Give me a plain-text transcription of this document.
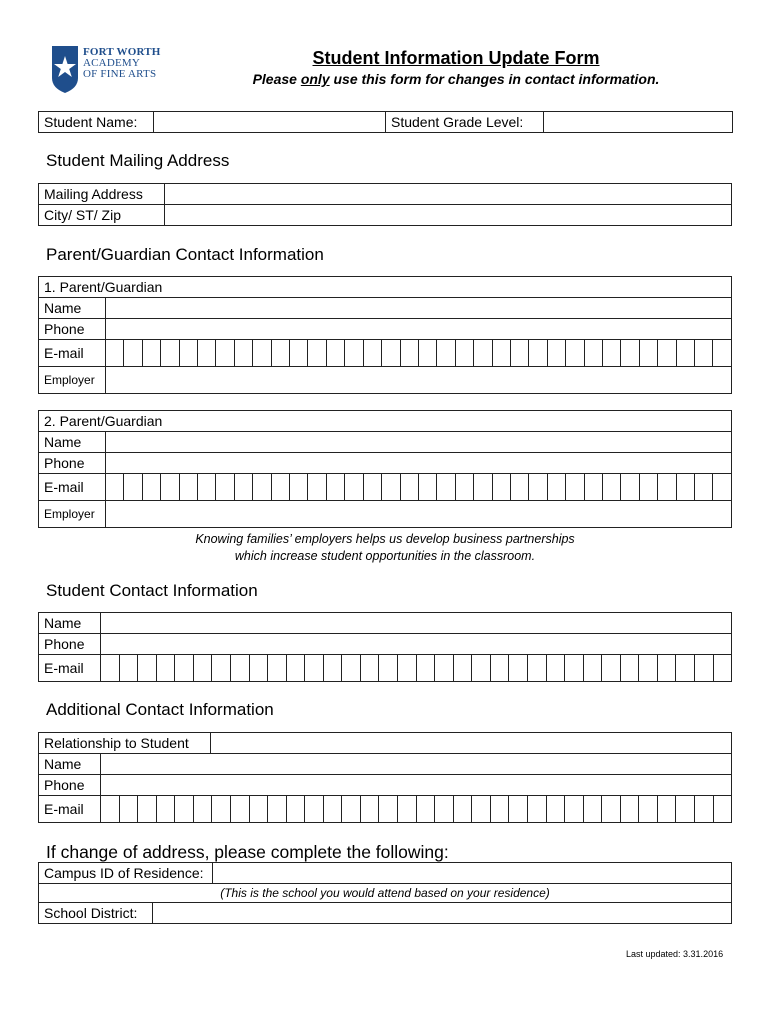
FORT WORTH
ACADEMY
OF FINE ARTS
Student Information Update Form
Please only use this form for changes in contact information.
Student Name:		Student Grade Level:	
Student Mailing Address
Mailing Address	
City/ ST/ Zip	
Parent/Guardian Contact Information
1. Parent/Guardian	
Name	
Phone	
E-mail	

Employer	
2. Parent/Guardian	
Name	
Phone	
E-mail	

Employer	
Knowing families’ employers helps us develop business partnerships
which increase student opportunities in the classroom.
Student Contact Information
Name	
Phone	
E-mail	
Additional Contact Information
Relationship to Student		
Name		
Phone		
E-mail		
If change of address, please complete the following:
Campus ID of Residence:		
(This is the school you would attend based on your residence)		
School District:		
Last updated: 3.31.2016
